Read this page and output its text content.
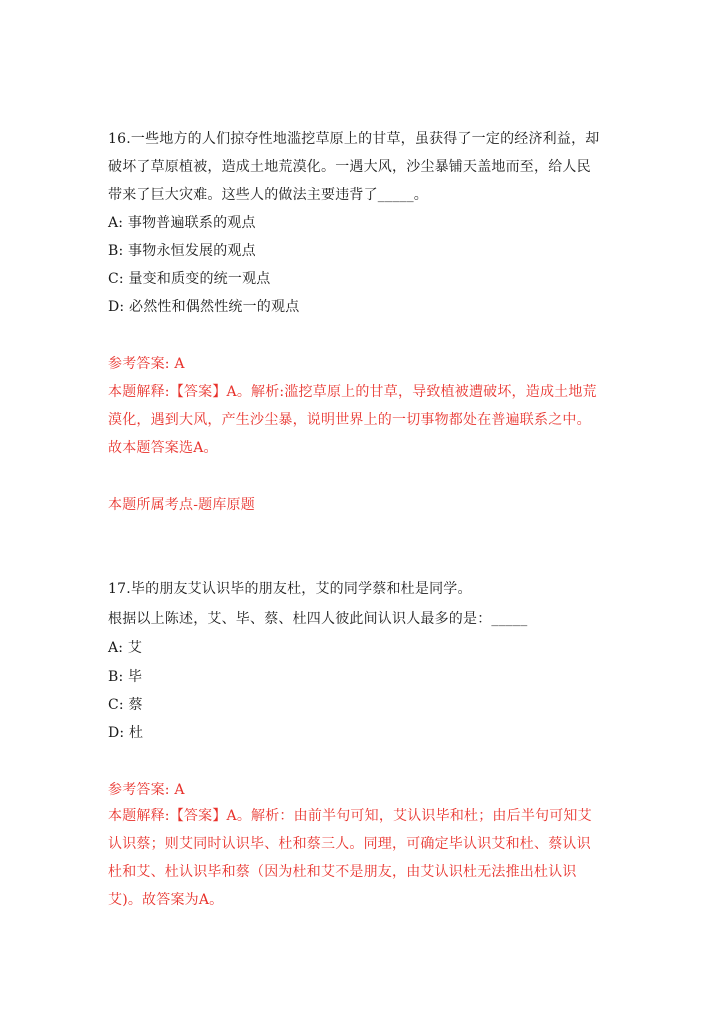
16.一些地方的人们掠夺性地滥挖草原上的甘草，虽获得了一定的经济利益，却
破坏了草原植被，造成土地荒漠化。一遇大风，沙尘暴铺天盖地而至，给人民
带来了巨大灾难。这些人的做法主要违背了_____。
A: 事物普遍联系的观点
B: 事物永恒发展的观点
C: 量变和质变的统一观点
D: 必然性和偶然性统一的观点
参考答案: A
本题解释:【答案】A。解析:滥挖草原上的甘草，导致植被遭破坏，造成土地荒
漠化，遇到大风，产生沙尘暴，说明世界上的一切事物都处在普遍联系之中。
故本题答案选A。
本题所属考点-题库原题
17.毕的朋友艾认识毕的朋友杜，艾的同学蔡和杜是同学。
根据以上陈述，艾、毕、蔡、杜四人彼此间认识人最多的是：_____
A: 艾
B: 毕
C: 蔡
D: 杜
参考答案: A
本题解释:【答案】A。解析：由前半句可知，艾认识毕和杜；由后半句可知艾
认识蔡；则艾同时认识毕、杜和蔡三人。同理，可确定毕认识艾和杜、蔡认识
杜和艾、杜认识毕和蔡（因为杜和艾不是朋友，由艾认识杜无法推出杜认识
艾)。故答案为A。
